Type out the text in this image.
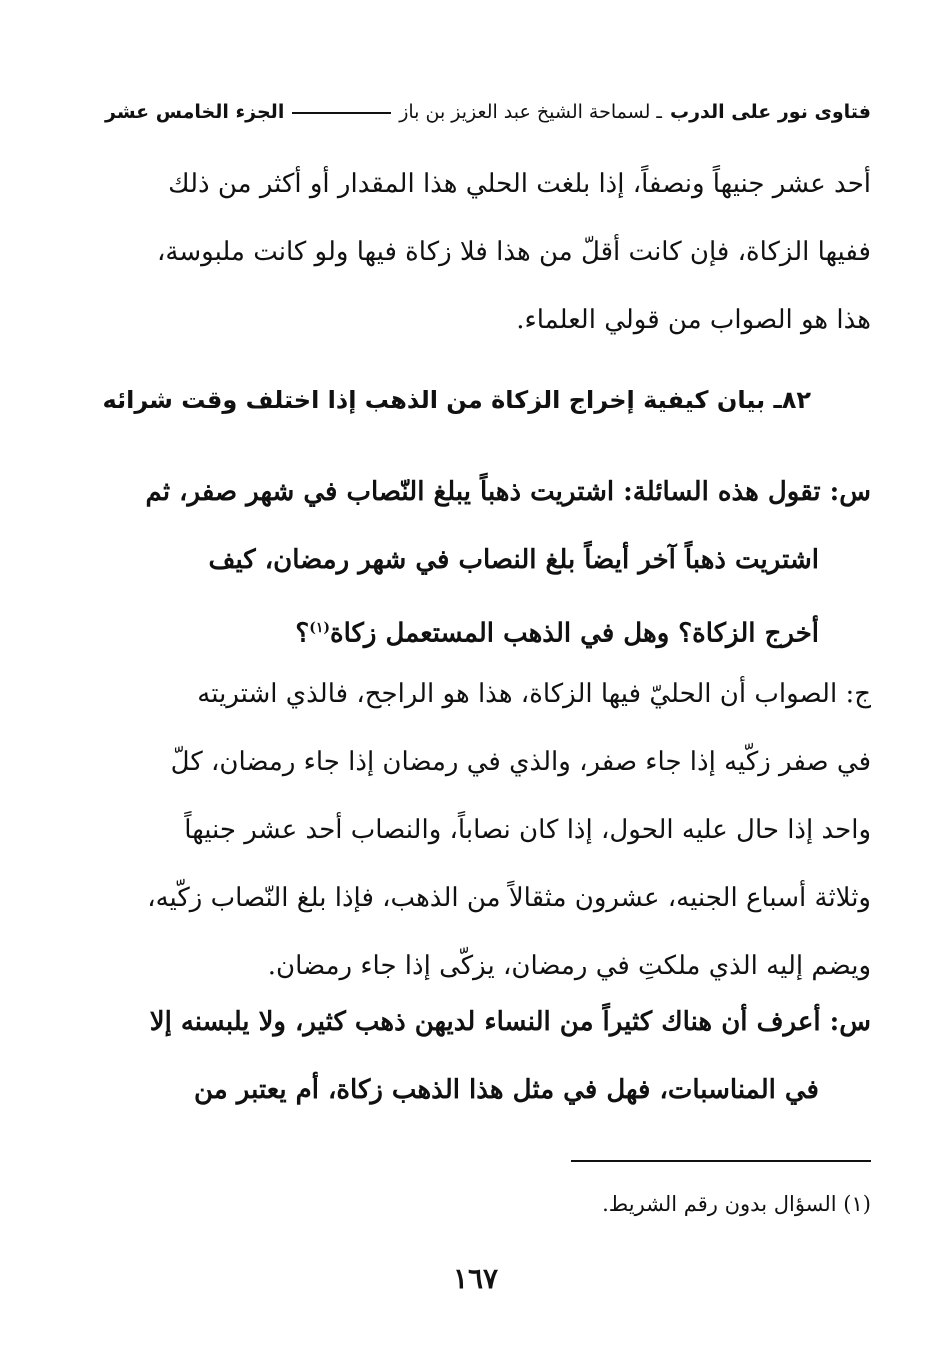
فتاوى نور على الدرب
ـ لسماحة الشيخ عبد العزيز بن باز
الجزء الخامس عشر
أحد عشر جنيهاً ونصفاً، إذا بلغت الحلي هذا المقدار أو أكثر من ذلك
ففيها الزكاة، فإن كانت أقلّ من هذا فلا زكاة فيها ولو كانت ملبوسة،
هذا هو الصواب من قولي العلماء.
٨٢ـ بيان كيفية إخراج الزكاة من الذهب إذا اختلف وقت شرائه
س: تقول هذه السائلة: اشتريت ذهباً يبلغ النّصاب في شهر صفر، ثم
اشتريت ذهباً آخر أيضاً بلغ النصاب في شهر رمضان، كيف
أخرج الزكاة؟ وهل في الذهب المستعمل زكاة$^{(١)}$؟
ج: الصواب أن الحليّ فيها الزكاة، هذا هو الراجح، فالذي اشتريته
في صفر زكّيه إذا جاء صفر، والذي في رمضان إذا جاء رمضان، كلّ
واحد إذا حال عليه الحول، إذا كان نصاباً، والنصاب أحد عشر جنيهاً
وثلاثة أسباع الجنيه، عشرون مثقالاً من الذهب، فإذا بلغ النّصاب زكّيه،
ويضم إليه الذي ملكتِ في رمضان، يزكّى إذا جاء رمضان.
س: أعرف أن هناك كثيراً من النساء لديهن ذهب كثير، ولا يلبسنه إلا
في المناسبات، فهل في مثل هذا الذهب زكاة، أم يعتبر من
(١) السؤال بدون رقم الشريط.
١٦٧
